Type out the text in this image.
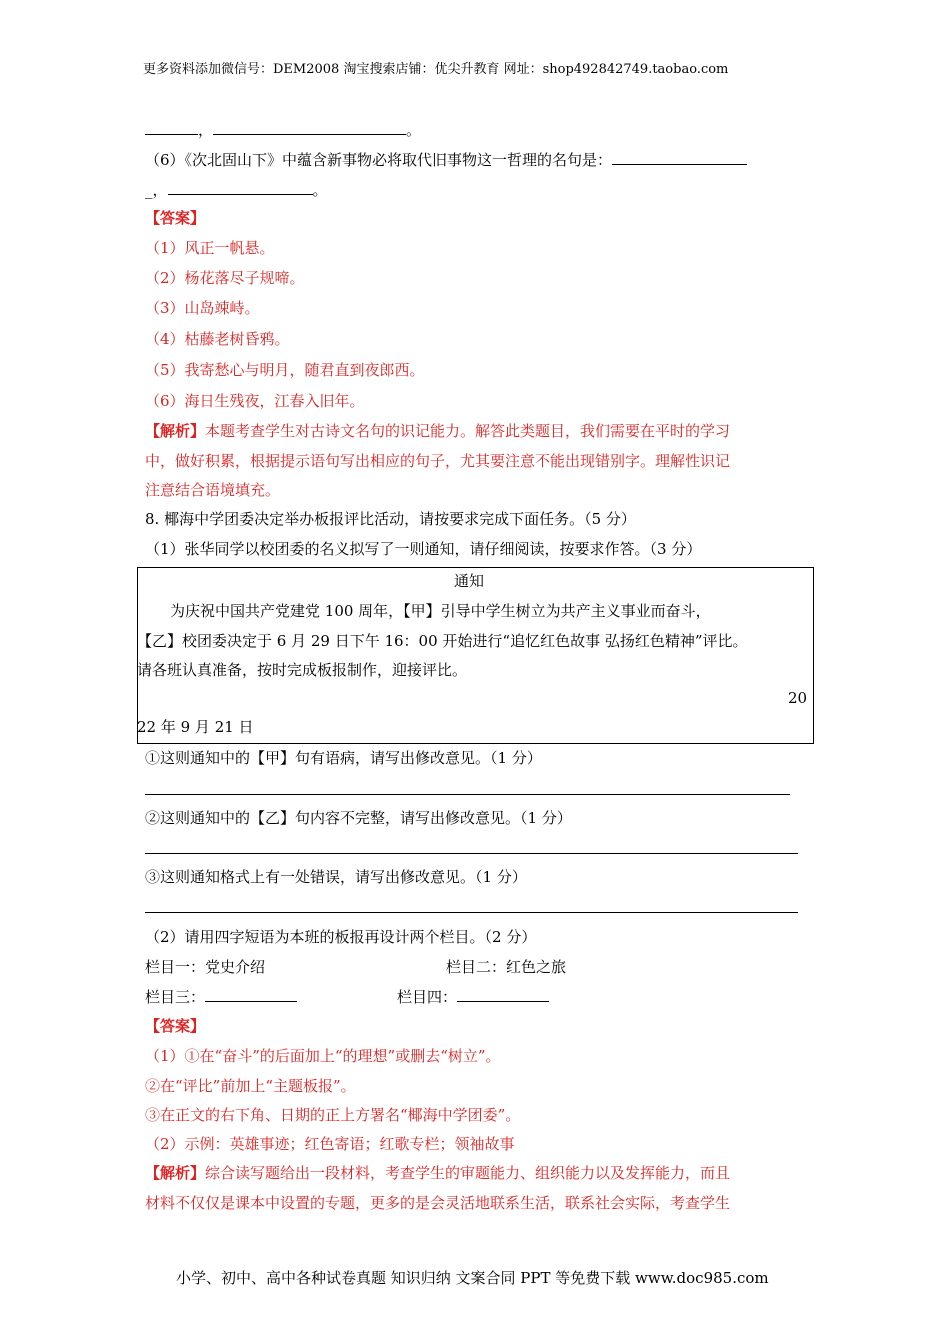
更多资料添加微信号：DEM2008 淘宝搜索店铺：优尖升教育 网址：shop492842749.taobao.com
，	。
（6）《次北固山下》中蕴含新事物必将取代旧事物这一哲理的名句是：
_，	。
【答案】
（1）风正一帆悬。
（2）杨花落尽子规啼。
（3）山岛竦峙。
（4）枯藤老树昏鸦。
（5）我寄愁心与明月，随君直到夜郎西。
（6）海日生残夜，江春入旧年。
【解析】本题考查学生对古诗文名句的识记能力。解答此类题目，我们需要在平时的学习
中，做好积累，根据提示语句写出相应的句子，尤其要注意不能出现错别字。理解性识记
注意结合语境填充。
8. 椰海中学团委决定举办板报评比活动，请按要求完成下面任务。（5 分）
（1）张华同学以校团委的名义拟写了一则通知，请仔细阅读，按要求作答。（3 分）
通知
为庆祝中国共产党建党 100 周年，【甲】引导中学生树立为共产主义事业而奋斗，
【乙】校团委决定于 6 月 29 日下午 16：00 开始进行“追忆红色故事 弘扬红色精神”评比。
请各班认真准备，按时完成板报制作，迎接评比。
20
22 年 9 月 21 日
①这则通知中的【甲】句有语病，请写出修改意见。（1 分）
②这则通知中的【乙】句内容不完整，请写出修改意见。（1 分）
③这则通知格式上有一处错误，请写出修改意见。（1 分）
（2）请用四字短语为本班的板报再设计两个栏目。（2 分）
栏目一：党史介绍	栏目二：红色之旅
栏目三：	栏目四：
【答案】
（1）①在“奋斗”的后面加上“的理想”或删去“树立”。
②在“评比”前加上“主题板报”。
③在正文的右下角、日期的正上方署名“椰海中学团委”。
（2）示例：英雄事迹；红色寄语；红歌专栏；领袖故事
【解析】综合读写题给出一段材料，考查学生的审题能力、组织能力以及发挥能力，而且
材料不仅仅是课本中设置的专题，更多的是会灵活地联系生活，联系社会实际，考查学生
小学、初中、高中各种试卷真题 知识归纳 文案合同 PPT 等免费下载 www.doc985.com
